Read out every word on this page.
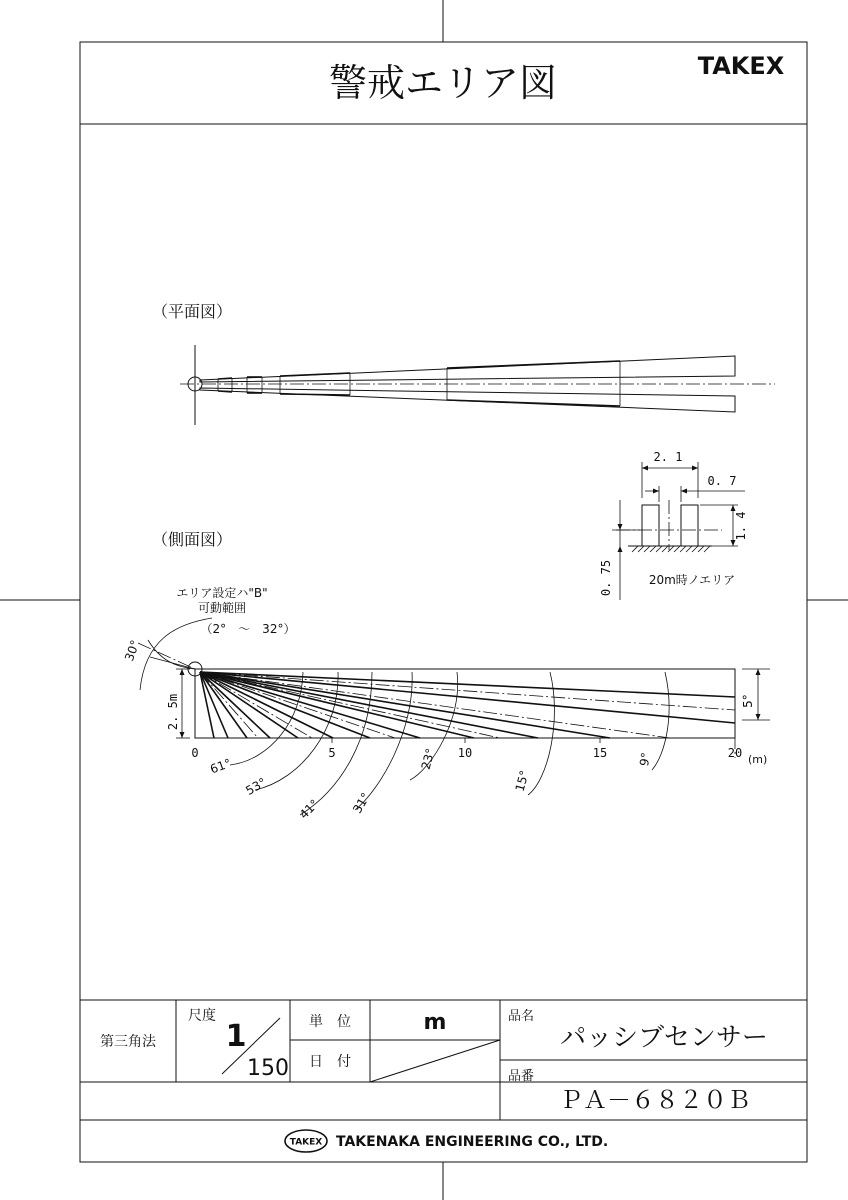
警戒エリア図	TAKEX
（平面図）
2. 1
0. 7
1. 4
0. 75	20m時ノエリア
（側面図）
エリア設定ハ"B"
可動範囲
（2°　～　32°）
30°
2. 5m	5°
(m)
0	5	10	15	20
61°
53°
41° 31°
23°
15°
9°
第三角法
尺度
1
150
単　位	m
日　付
品名
パッシブセンサー
品番
ＰＡ－６８２０Ｂ
TAKEX TAKENAKA ENGINEERING CO., LTD.
